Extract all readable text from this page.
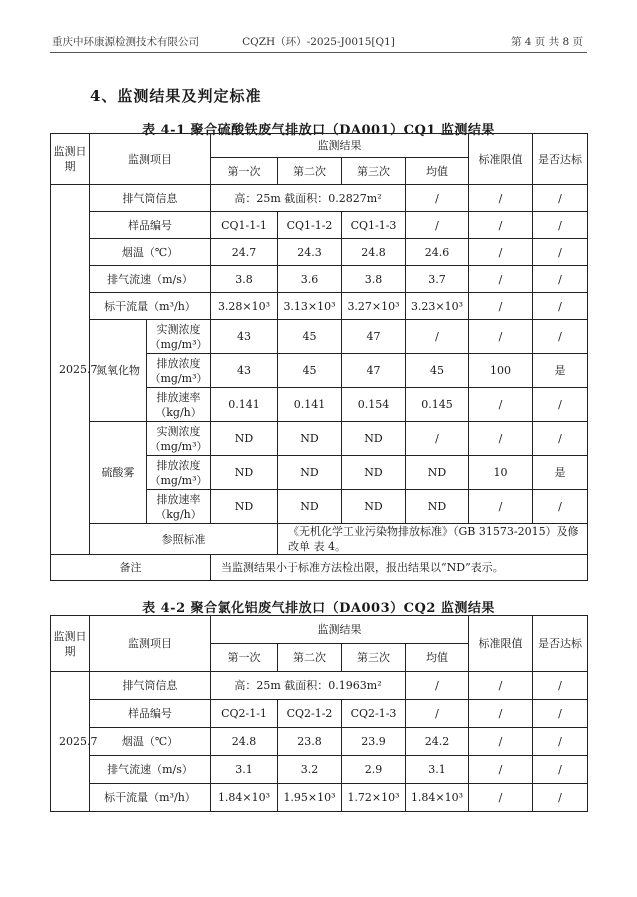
重庆中环康源检测技术有限公司	CQZH（环）-2025-J0015[Q1]	第 4 页 共 8 页
4、监测结果及判定标准
表 4-1 聚合硫酸铁废气排放口（DA001）CQ1 监测结果
监测日期	监测项目		监测结果				标准限值	是否达标
			第一次	第二次	第三次	均值		
2025.7	排气筒信息		高：25m 截面积：0.2827m²			/	/	/
	样品编号		CQ1-1-1	CQ1-1-2	CQ1-1-3	/	/	/
	烟温（℃）		24.7	24.3	24.8	24.6	/	/
	排气流速（m/s）		3.8	3.6	3.8	3.7	/	/
	标干流量（m³/h）		3.28×10³	3.13×10³	3.27×10³	3.23×10³	/	/
	氮氧化物	实测浓度（mg/m³）	43	45	47	/	/	/
		排放浓度（mg/m³）	43	45	47	45	100	是
		排放速率（kg/h）	0.141	0.141	0.154	0.145	/	/
	硫酸雾	实测浓度（mg/m³）	ND	ND	ND	/	/	/
		排放浓度（mg/m³）	ND	ND	ND	ND	10	是
		排放速率（kg/h）	ND	ND	ND	ND	/	/
	参照标准			《无机化学工业污染物排放标准》（GB 31573-2015）及修改单 表 4。				
备注			当监测结果小于标准方法检出限，报出结果以“ND”表示。					
表 4-2 聚合氯化铝废气排放口（DA003）CQ2 监测结果
监测日期	监测项目	监测结果				标准限值	是否达标
		第一次	第二次	第三次	均值		
2025.7	排气筒信息	高：25m 截面积：0.1963m²			/	/	/
	样品编号	CQ2-1-1	CQ2-1-2	CQ2-1-3	/	/	/
	烟温（℃）	24.8	23.8	23.9	24.2	/	/
	排气流速（m/s）	3.1	3.2	2.9	3.1	/	/
	标干流量（m³/h）	1.84×10³	1.95×10³	1.72×10³	1.84×10³	/	/
